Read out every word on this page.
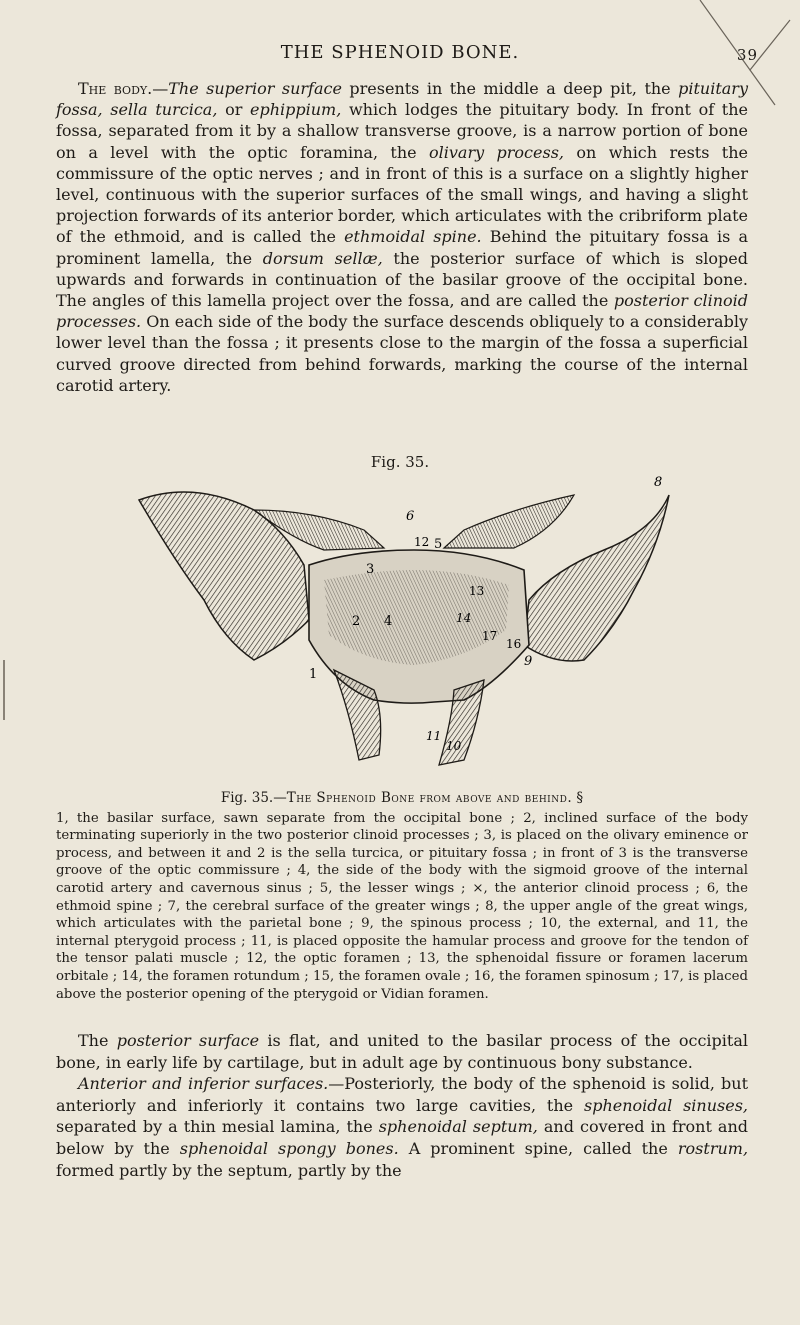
THE SPHENOID BONE.	39

The body.—The superior surface presents in the middle a deep pit, the pituitary fossa, sella turcica, or ephippium, which lodges the pituitary body. In front of the fossa, separated from it by a shallow transverse groove, is a narrow portion of bone on a level with the optic foramina, the olivary process, on which rests the commissure of the optic nerves ; and in front of this is a surface on a slightly higher level, continuous with the superior surfaces of the small wings, and having a slight projection forwards of its anterior border, which articulates with the cribriform plate of the ethmoid, and is called the ethmoidal spine. Behind the pituitary fossa is a prominent lamella, the dorsum sellæ, the posterior surface of which is sloped upwards and forwards in continuation of the basilar groove of the occipital bone. The angles of this lamella project over the fossa, and are called the posterior clinoid processes. On each side of the body the surface descends obliquely to a considerably lower level than the fossa ; it presents close to the margin of the fossa a superficial curved groove directed from behind forwards, marking the course of the internal carotid artery.

Fig. 35.
1
2
3
4
5
6
8
9
10
11
12
13
14
16
17
Fig. 35.—The Sphenoid Bone from above and behind. §
1, the basilar surface, sawn separate from the occipital bone ; 2, inclined surface of the body terminating superiorly in the two posterior clinoid processes ; 3, is placed on the olivary eminence or process, and between it and 2 is the sella turcica, or pituitary fossa ; in front of 3 is the transverse groove of the optic commissure ; 4, the side of the body with the sigmoid groove of the internal carotid artery and cavernous sinus ; 5, the lesser wings ; ×, the anterior clinoid process ; 6, the ethmoid spine ; 7, the cerebral surface of the greater wings ; 8, the upper angle of the great wings, which articulates with the parietal bone ; 9, the spinous process ; 10, the external, and 11, the internal pterygoid process ; 11, is placed opposite the hamular process and groove for the tendon of the tensor palati muscle ; 12, the optic foramen ; 13, the sphenoidal fissure or foramen lacerum orbitale ; 14, the foramen rotundum ; 15, the foramen ovale ; 16, the foramen spinosum ; 17, is placed above the posterior opening of the pterygoid or Vidian foramen.

The posterior surface is flat, and united to the basilar process of the occipital bone, in early life by cartilage, but in adult age by continuous bony substance.

Anterior and inferior surfaces.—Posteriorly, the body of the sphenoid is solid, but anteriorly and inferiorly it contains two large cavities, the sphenoidal sinuses, separated by a thin mesial lamina, the sphenoidal septum, and covered in front and below by the sphenoidal spongy bones. A prominent spine, called the rostrum, formed partly by the septum, partly by the
